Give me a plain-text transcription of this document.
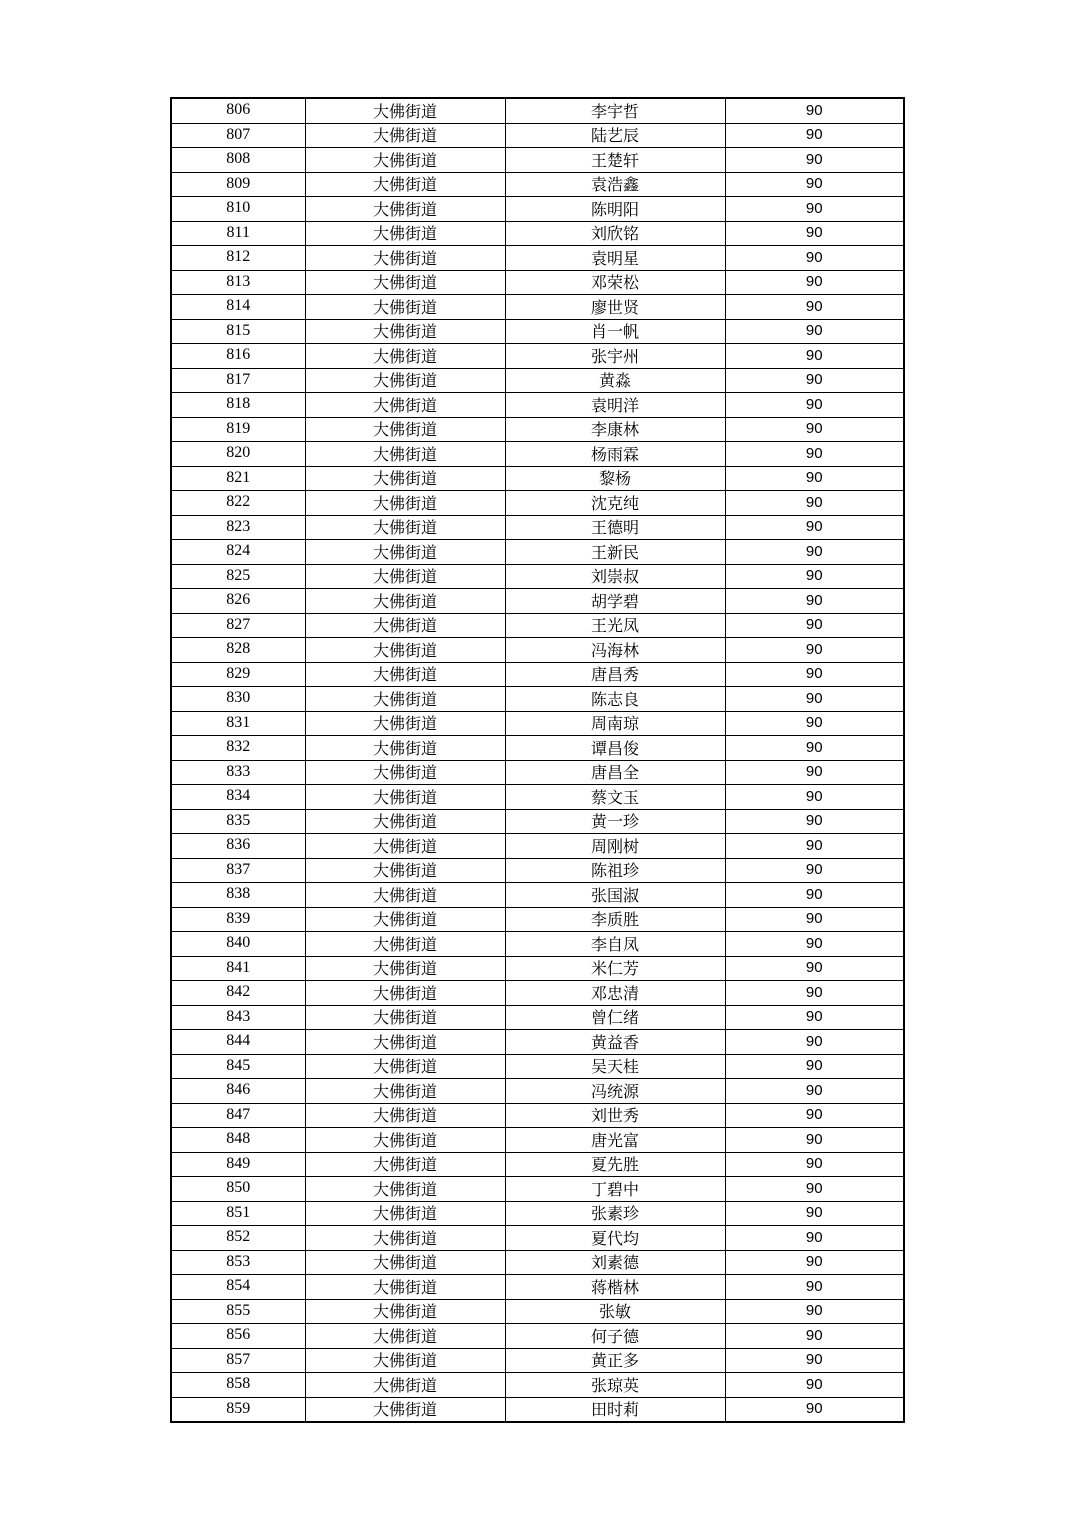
806	大佛街道	李宇哲	90
807	大佛街道	陆艺辰	90
808	大佛街道	王楚轩	90
809	大佛街道	袁浩鑫	90
810	大佛街道	陈明阳	90
811	大佛街道	刘欣铭	90
812	大佛街道	袁明星	90
813	大佛街道	邓荣松	90
814	大佛街道	廖世贤	90
815	大佛街道	肖一帆	90
816	大佛街道	张宇州	90
817	大佛街道	黄淼	90
818	大佛街道	袁明洋	90
819	大佛街道	李康林	90
820	大佛街道	杨雨霖	90
821	大佛街道	黎杨	90
822	大佛街道	沈克纯	90
823	大佛街道	王德明	90
824	大佛街道	王新民	90
825	大佛街道	刘崇叔	90
826	大佛街道	胡学碧	90
827	大佛街道	王光凤	90
828	大佛街道	冯海林	90
829	大佛街道	唐昌秀	90
830	大佛街道	陈志良	90
831	大佛街道	周南琼	90
832	大佛街道	谭昌俊	90
833	大佛街道	唐昌全	90
834	大佛街道	蔡文玉	90
835	大佛街道	黄一珍	90
836	大佛街道	周刚树	90
837	大佛街道	陈祖珍	90
838	大佛街道	张国淑	90
839	大佛街道	李质胜	90
840	大佛街道	李自凤	90
841	大佛街道	米仁芳	90
842	大佛街道	邓忠清	90
843	大佛街道	曾仁绪	90
844	大佛街道	黄益香	90
845	大佛街道	吴天桂	90
846	大佛街道	冯统源	90
847	大佛街道	刘世秀	90
848	大佛街道	唐光富	90
849	大佛街道	夏先胜	90
850	大佛街道	丁碧中	90
851	大佛街道	张素珍	90
852	大佛街道	夏代均	90
853	大佛街道	刘素德	90
854	大佛街道	蒋楷林	90
855	大佛街道	张敏	90
856	大佛街道	何子德	90
857	大佛街道	黄正多	90
858	大佛街道	张琼英	90
859	大佛街道	田时莉	90
